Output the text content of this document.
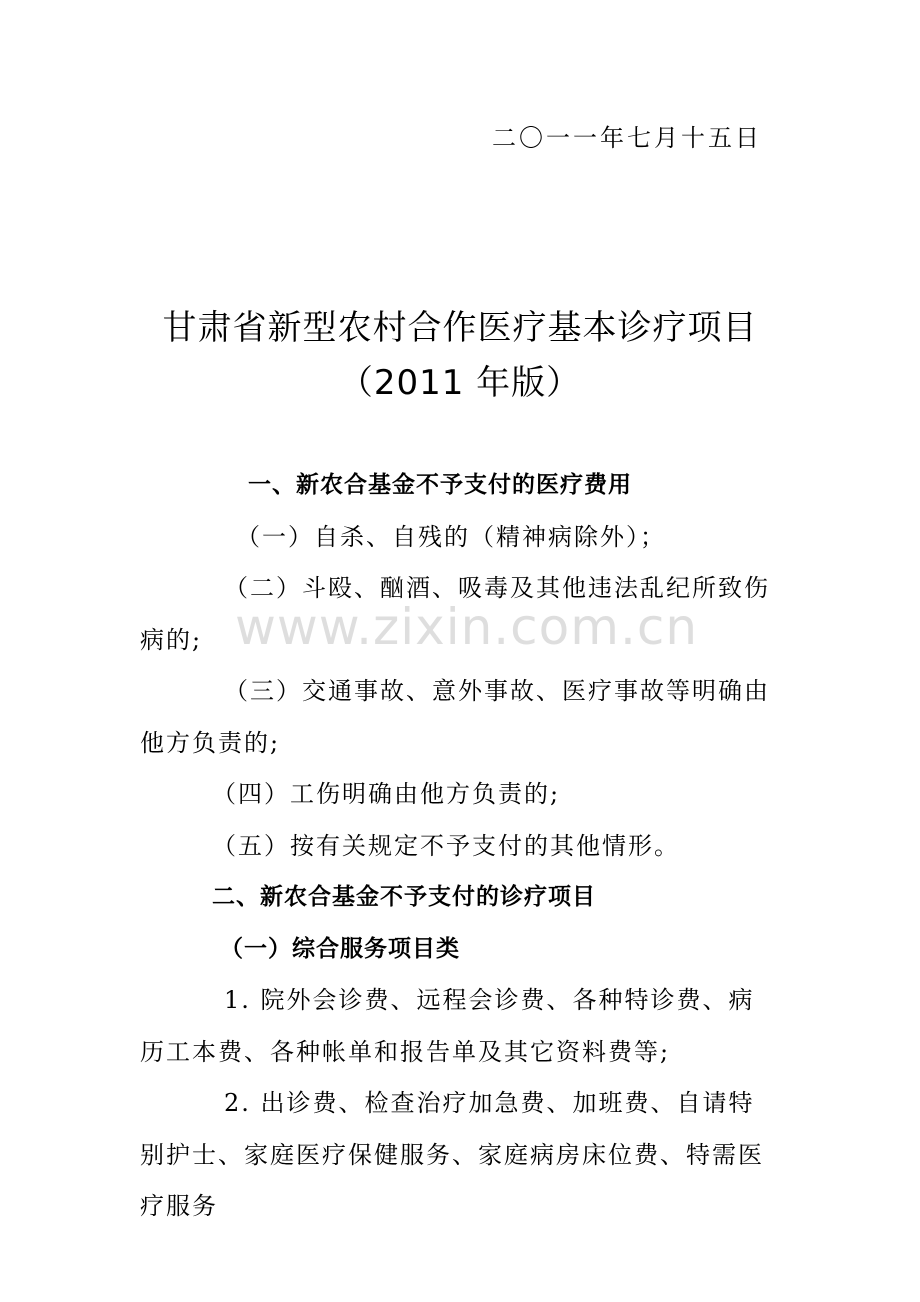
二〇一一年七月十五日
甘肃省新型农村合作医疗基本诊疗项目
（2011 年版）

一、新农合基金不予支付的医疗费用

（一）自杀、自残的（精神病除外）；

（二）斗殴、酗酒、吸毒及其他违法乱纪所致伤病的;

（三）交通事故、意外事故、医疗事故等明确由他方负责的;

（四）工伤明确由他方负责的;

（五）按有关规定不予支付的其他情形。

二、新农合基金不予支付的诊疗项目

（一）综合服务项目类

1. 院外会诊费、远程会诊费、各种特诊费、病历工本费、各种帐单和报告单及其它资料费等;

2. 出诊费、检查治疗加急费、加班费、自请特别护士、家庭医疗保健服务、家庭病房床位费、特需医疗服务

www.zixin.com.cn
